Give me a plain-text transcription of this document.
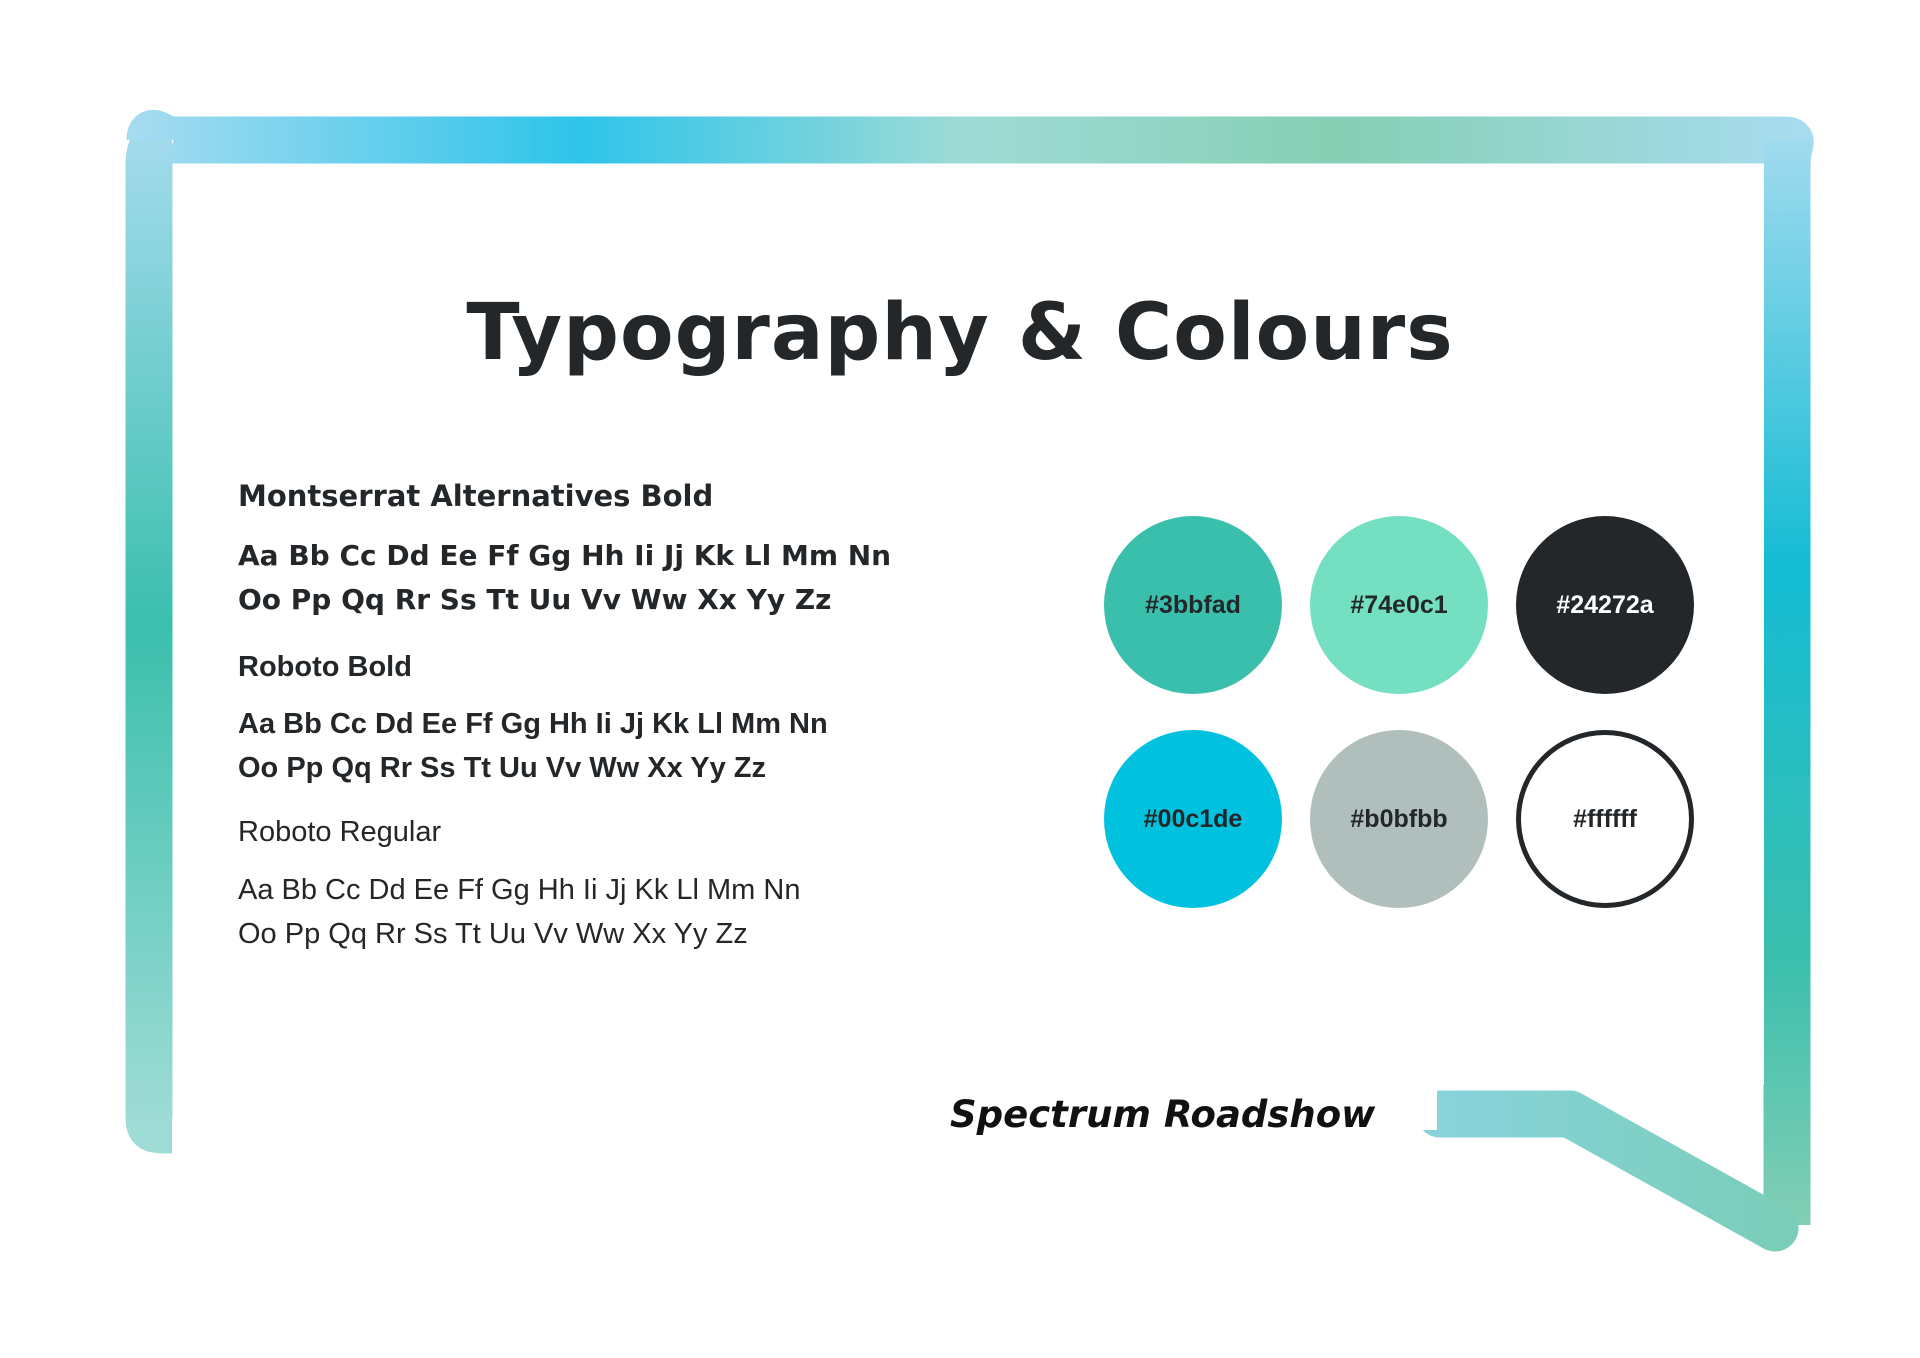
Typography & Colours
Montserrat Alternatives Bold
Aa Bb Cc Dd Ee Ff Gg Hh Ii Jj Kk Ll Mm Nn
Oo Pp Qq Rr Ss Tt Uu Vv Ww Xx Yy Zz
Roboto Bold
Aa Bb Cc Dd Ee Ff Gg Hh Ii Jj Kk Ll Mm Nn
Oo Pp Qq Rr Ss Tt Uu Vv Ww Xx Yy Zz
Roboto Regular
Aa Bb Cc Dd Ee Ff Gg Hh Ii Jj Kk Ll Mm Nn
Oo Pp Qq Rr Ss Tt Uu Vv Ww Xx Yy Zz
#3bbfad	#74e0c1	#24272a
#00c1de	#b0bfbb	#ffffff
Spectrum Roadshow
